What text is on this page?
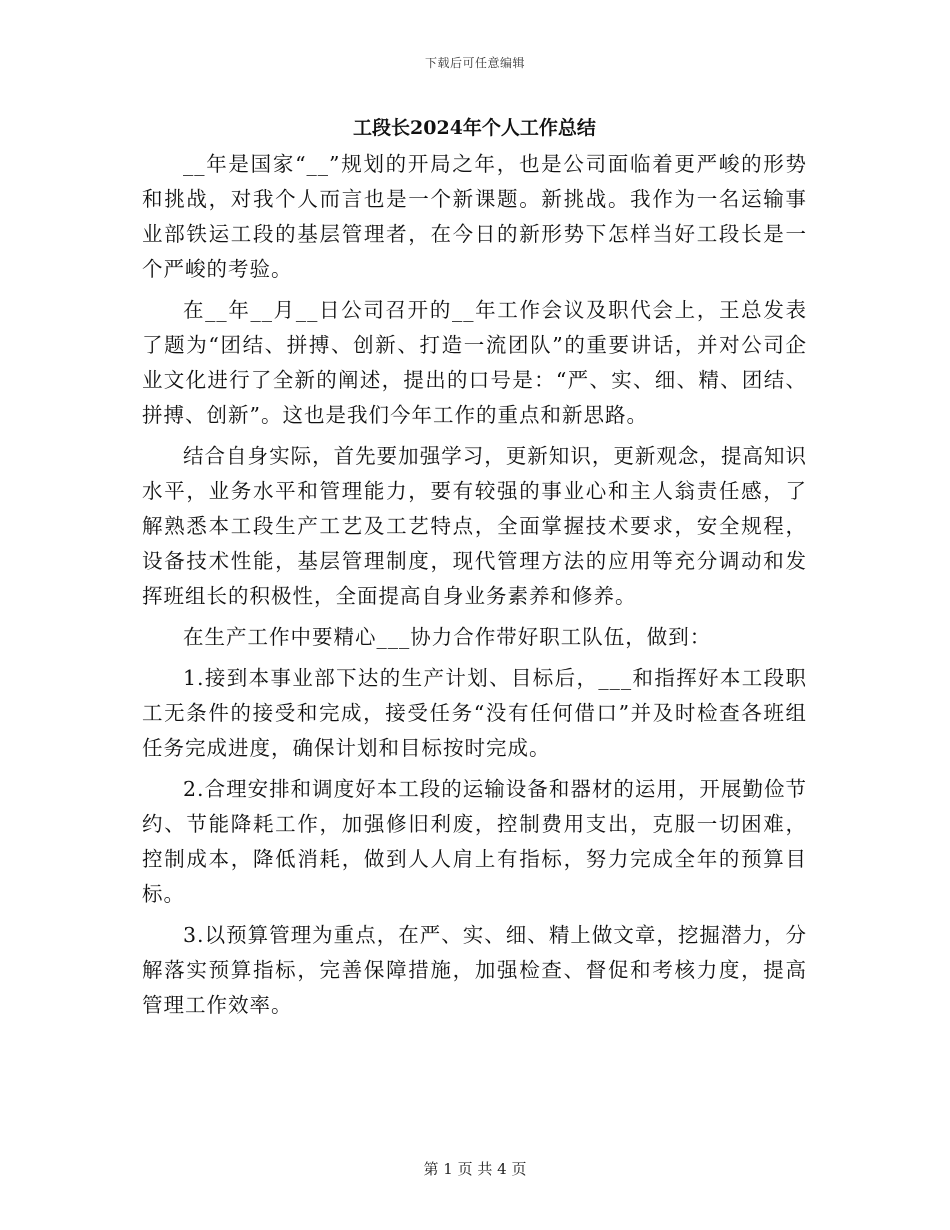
下载后可任意编辑
工段长2024年个人工作总结

__年是国家“__”规划的开局之年，也是公司面临着更严峻的形势和挑战，对我个人而言也是一个新课题。新挑战。我作为一名运输事业部铁运工段的基层管理者，在今日的新形势下怎样当好工段长是一个严峻的考验。

在__年__月__日公司召开的__年工作会议及职代会上，王总发表了题为“团结、拼搏、创新、打造一流团队”的重要讲话，并对公司企业文化进行了全新的阐述，提出的口号是：“严、实、细、精、团结、拼搏、创新”。这也是我们今年工作的重点和新思路。

结合自身实际，首先要加强学习，更新知识，更新观念，提高知识水平，业务水平和管理能力，要有较强的事业心和主人翁责任感，了解熟悉本工段生产工艺及工艺特点，全面掌握技术要求，安全规程，设备技术性能，基层管理制度，现代管理方法的应用等充分调动和发挥班组长的积极性，全面提高自身业务素养和修养。

在生产工作中要精心___协力合作带好职工队伍，做到：

1.接到本事业部下达的生产计划、目标后，___和指挥好本工段职工无条件的接受和完成，接受任务“没有任何借口”并及时检查各班组任务完成进度，确保计划和目标按时完成。

2.合理安排和调度好本工段的运输设备和器材的运用，开展勤俭节约、节能降耗工作，加强修旧利废，控制费用支出，克服一切困难，控制成本，降低消耗，做到人人肩上有指标，努力完成全年的预算目标。

3.以预算管理为重点，在严、实、细、精上做文章，挖掘潜力，分解落实预算指标，完善保障措施，加强检查、督促和考核力度，提高管理工作效率。

第 1 页 共 4 页
